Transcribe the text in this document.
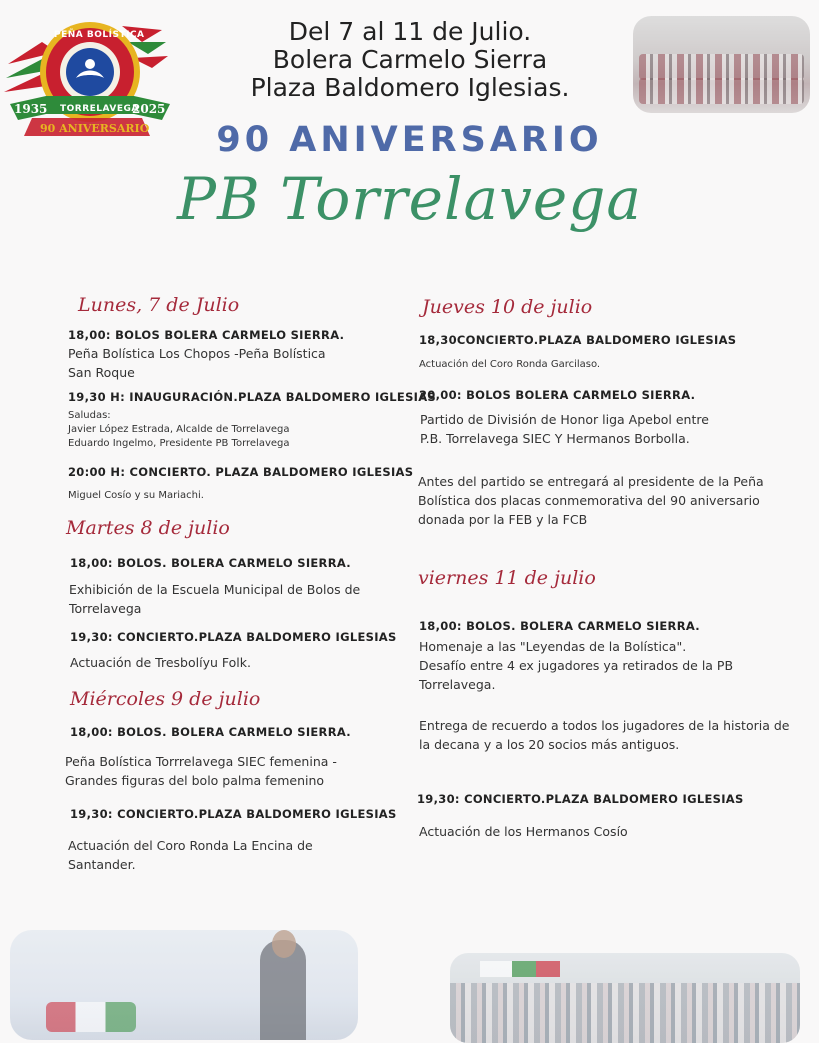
PEÑA BOLÍSTICA
TORRELAVEGA
1935	2025
90 ANIVERSARIO
Del 7 al 11 de Julio.
Bolera Carmelo Sierra
Plaza Baldomero Iglesias.
90 ANIVERSARIO
PB Torrelavega
Lunes, 7 de Julio
18,00: BOLOS BOLERA CARMELO SIERRA.
Peña Bolística Los Chopos -Peña Bolística
San Roque
19,30 H: INAUGURACIÓN.PLAZA BALDOMERO IGLESIAS
Saludas:
Javier López Estrada, Alcalde de Torrelavega
Eduardo Ingelmo, Presidente PB Torrelavega
20:00 H: CONCIERTO. PLAZA BALDOMERO IGLESIAS
Miguel Cosío y su Mariachi.
Martes 8 de julio
18,00: BOLOS. BOLERA CARMELO SIERRA.
Exhibición de la Escuela Municipal de Bolos de
Torrelavega
19,30: CONCIERTO.PLAZA BALDOMERO IGLESIAS
Actuación de Tresbolíyu Folk.
Miércoles 9 de julio
18,00: BOLOS. BOLERA CARMELO SIERRA.
Peña Bolística Torrrelavega SIEC femenina -
Grandes figuras del bolo palma femenino
19,30: CONCIERTO.PLAZA BALDOMERO IGLESIAS
Actuación del Coro Ronda La Encina de
Santander.
Jueves 10 de julio
18,30CONCIERTO.PLAZA BALDOMERO IGLESIAS
Actuación del Coro Ronda Garcilaso.
20,00: BOLOS BOLERA CARMELO SIERRA.
Partido de División de Honor liga Apebol entre
P.B. Torrelavega SIEC Y Hermanos Borbolla.
Antes del partido se entregará al presidente de la Peña
Bolística dos placas conmemorativa del 90 aniversario
donada por la FEB y la FCB
viernes 11 de julio
18,00: BOLOS. BOLERA CARMELO SIERRA.
Homenaje a las "Leyendas de la Bolística".
Desafío entre 4 ex jugadores ya retirados de la PB
Torrelavega.
Entrega de recuerdo a todos los jugadores de la historia de
la decana y a los 20 socios más antiguos.
19,30: CONCIERTO.PLAZA BALDOMERO IGLESIAS
Actuación de los Hermanos Cosío
